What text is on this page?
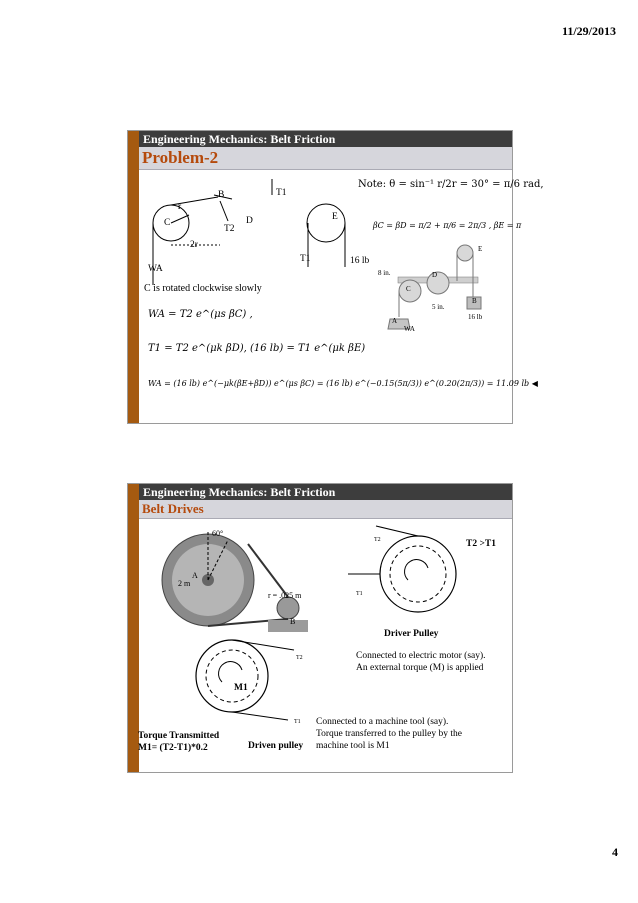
11/29/2013
Engineering Mechanics: Belt Friction
Problem-2
B
r
T1
C
T2
D	E
2r
WA
T1	16 lb
Note: θ = sin⁻¹ r/2r = 30° = π/6 rad,
βC = βD = π/2 + π/6 = 2π/3 , βE = π
E
D
C
B
A
8 in.
5 in.
16 lb
WA
C is rotated clockwise slowly
WA = T2 e^(μs βC) ,
T1 = T2 e^(μk βD), (16 lb) = T1 e^(μk βE)
WA = (16 lb) e^(−μk(βE+βD)) e^(μs βC) = (16 lb) e^(−0.15(5π/3)) e^(0.20(2π/3)) = 11.09 lb ◀
Engineering Mechanics: Belt Friction
Belt Drives
60°
A
2 m
r = .025 m
B
T2
T1
T2 >T1
Driver Pulley
Connected to electric motor (say).
An external torque (M) is applied
T2
T1
M1
Torque Transmitted
M1= (T2-T1)*0.2	Driven pulley
Connected to a machine tool (say).
Torque transferred to the pulley by the
machine tool is M1
4
